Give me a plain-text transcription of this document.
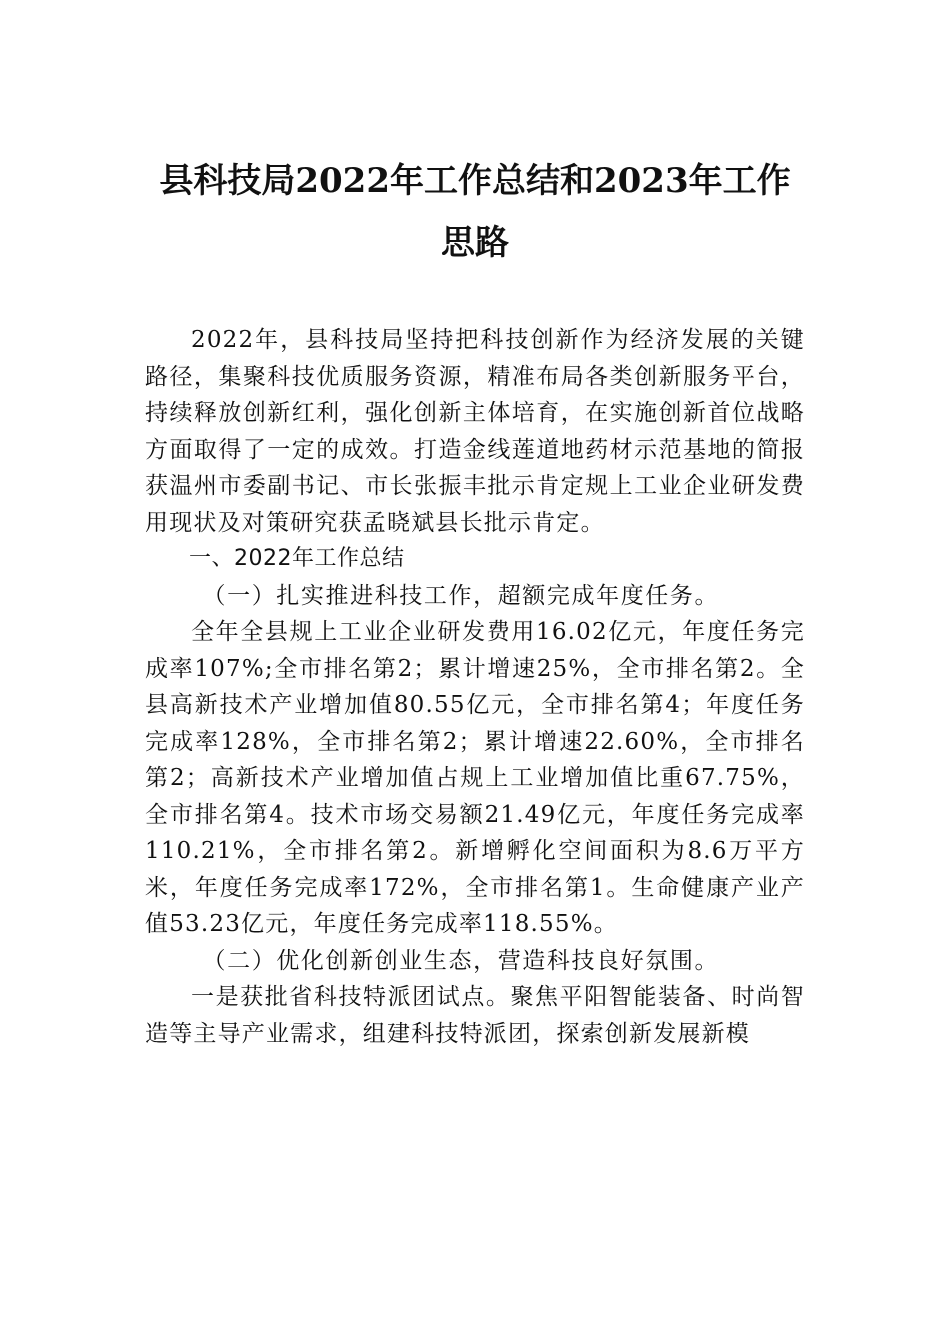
县科技局2022年工作总结和2023年工作思路

2022年，县科技局坚持把科技创新作为经济发展的关键路径，集聚科技优质服务资源，精准布局各类创新服务平台，持续释放创新红利，强化创新主体培育，在实施创新首位战略方面取得了一定的成效。打造金线莲道地药材示范基地的简报获温州市委副书记、市长张振丰批示肯定规上工业企业研发费用现状及对策研究获孟晓斌县长批示肯定。

一、2022年工作总结

（一）扎实推进科技工作，超额完成年度任务。

全年全县规上工业企业研发费用16.02亿元，年度任务完成率107%;全市排名第2；累计增速25%，全市排名第2。全县高新技术产业增加值80.55亿元，全市排名第4；年度任务完成率128%，全市排名第2；累计增速22.60%，全市排名第2；高新技术产业增加值占规上工业增加值比重67.75%，全市排名第4。技术市场交易额21.49亿元，年度任务完成率110.21%，全市排名第2。新增孵化空间面积为8.6万平方米，年度任务完成率172%，全市排名第1。生命健康产业产值53.23亿元，年度任务完成率118.55%。

（二）优化创新创业生态，营造科技良好氛围。

一是获批省科技特派团试点。聚焦平阳智能装备、时尚智造等主导产业需求，组建科技特派团，探索创新发展新模
